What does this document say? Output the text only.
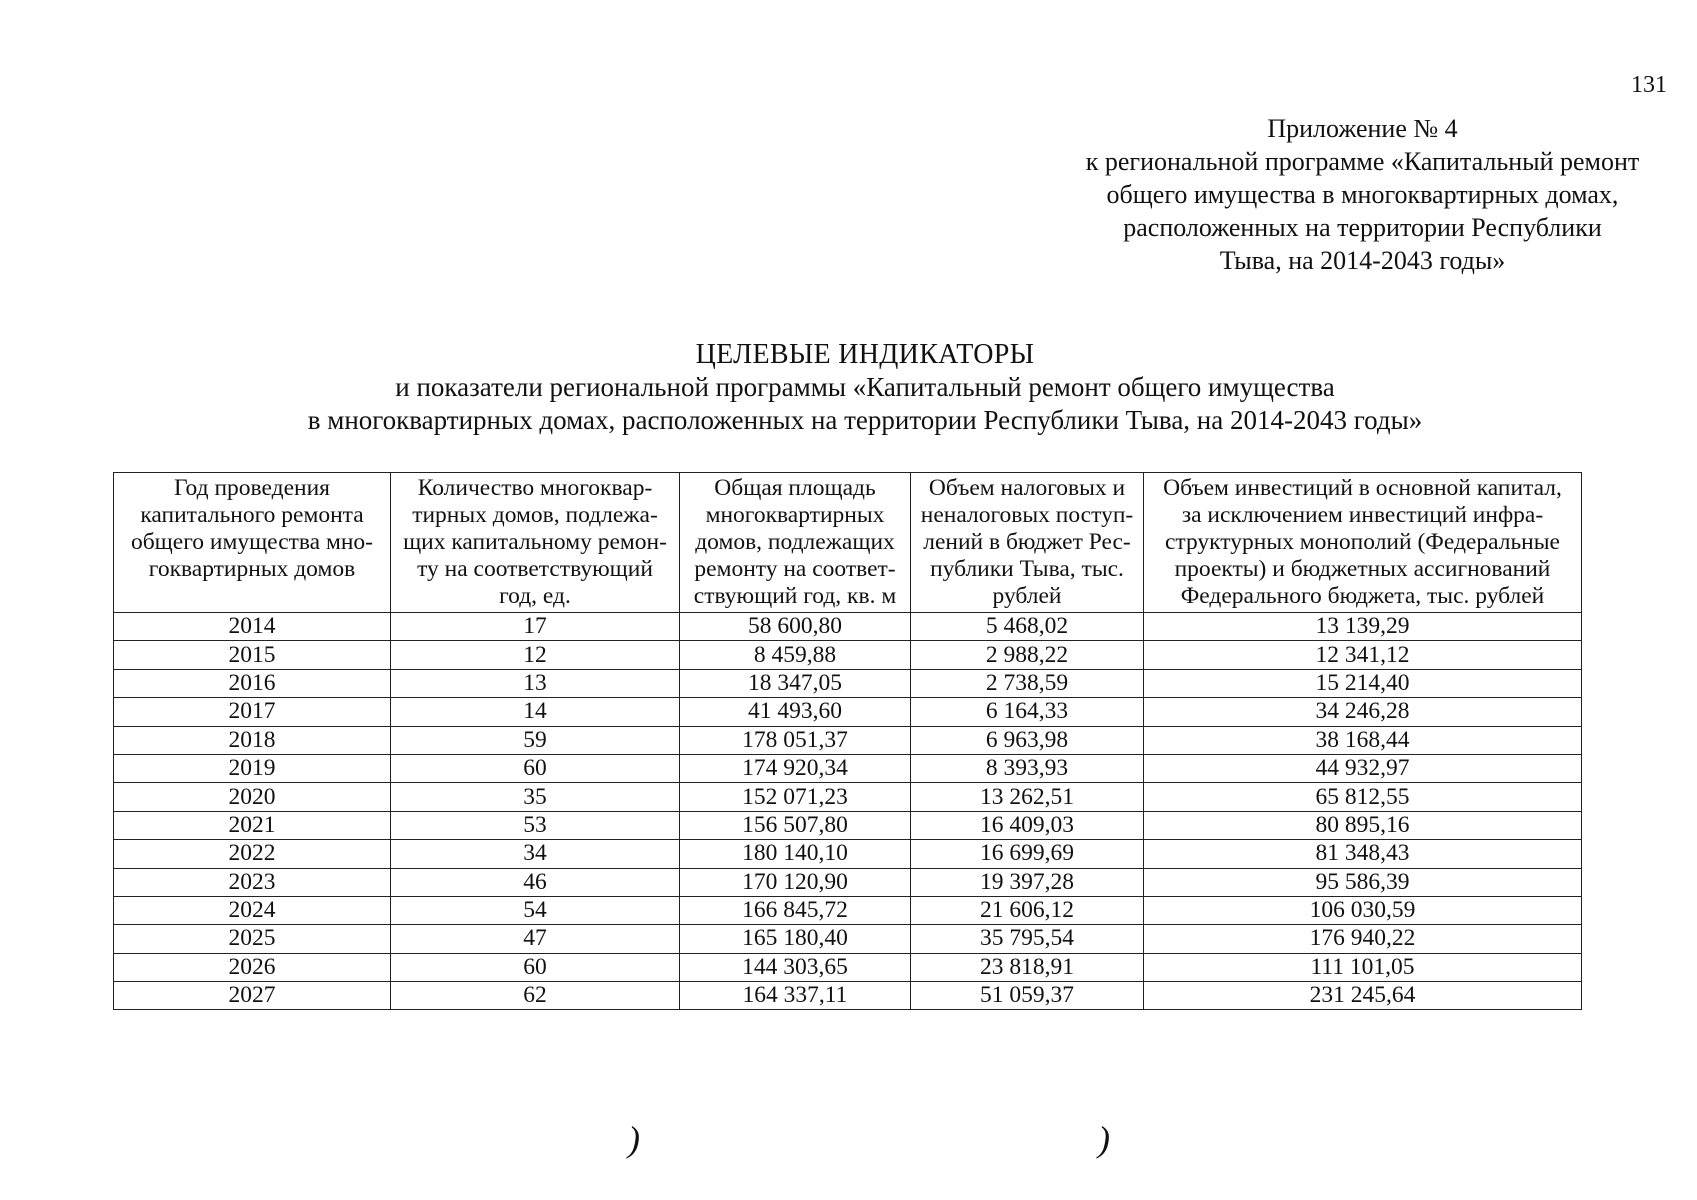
131
Приложение № 4
к региональной программе «Капитальный ремонт
общего имущества в многоквартирных домах,
расположенных на территории Республики
Тыва, на 2014-2043 годы»
ЦЕЛЕВЫЕ ИНДИКАТОРЫ
и показатели региональной программы «Капитальный ремонт общего имущества
в многоквартирных домах, расположенных на территории Республики Тыва, на 2014-2043 годы»
Год проведения
капитального ремонта
общего имущества мно-
гоквартирных домов	Количество многоквар-
тирных домов, подлежа-
щих капитальному ремон-
ту на соответствующий
год, ед.	Общая площадь
многоквартирных
домов, подлежащих
ремонту на соответ-
ствующий год, кв. м	Объем налоговых и
неналоговых поступ-
лений в бюджет Рес-
публики Тыва, тыс.
рублей	Объем инвестиций в основной капитал,
за исключением инвестиций инфра-
структурных монополий (Федеральные
проекты) и бюджетных ассигнований
Федерального бюджета, тыс. рублей

2014	17	58 600,80	5 468,02	13 139,29
2015	12	8 459,88	2 988,22	12 341,12
2016	13	18 347,05	2 738,59	15 214,40
2017	14	41 493,60	6 164,33	34 246,28
2018	59	178 051,37	6 963,98	38 168,44
2019	60	174 920,34	8 393,93	44 932,97
2020	35	152 071,23	13 262,51	65 812,55
2021	53	156 507,80	16 409,03	80 895,16
2022	34	180 140,10	16 699,69	81 348,43
2023	46	170 120,90	19 397,28	95 586,39
2024	54	166 845,72	21 606,12	106 030,59
2025	47	165 180,40	35 795,54	176 940,22
2026	60	144 303,65	23 818,91	111 101,05
2027	62	164 337,11	51 059,37	231 245,64
)	)
